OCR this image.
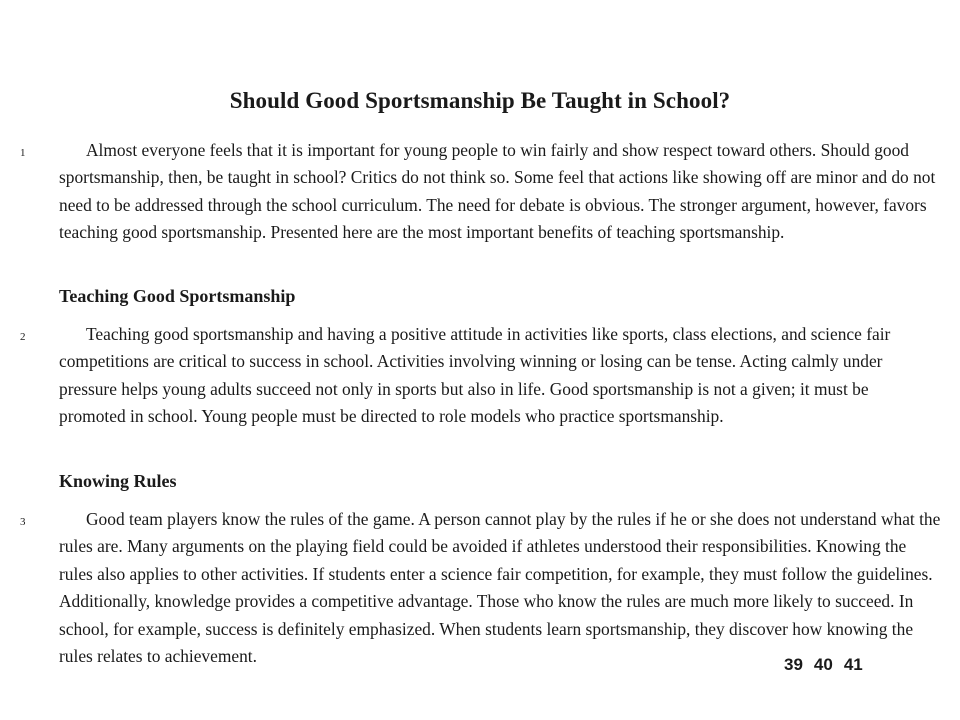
Should Good Sportsmanship Be Taught in School?
1	Almost everyone feels that it is important for young people to win fairly and show respect toward others. Should good sportsmanship, then, be taught in school? Critics do not think so. Some feel that actions like showing off are minor and do not need to be addressed through the school curriculum. The need for debate is obvious. The stronger argument, however, favors teaching good sportsmanship. Presented here are the most important benefits of teaching sportsmanship.

Teaching Good Sportsmanship
2	Teaching good sportsmanship and having a positive attitude in activities like sports, class elections, and science fair competitions are critical to success in school. Activities involving winning or losing can be tense. Acting calmly under pressure helps young adults succeed not only in sports but also in life. Good sportsmanship is not a given; it must be promoted in school. Young people must be directed to role models who practice sportsmanship.

Knowing Rules
3	Good team players know the rules of the game. A person cannot play by the rules if he or she does not understand what the rules are. Many arguments on the playing field could be avoided if athletes understood their responsibilities. Knowing the rules also applies to other activities. If students enter a science fair competition, for example, they must follow the guidelines. Additionally, knowledge provides a competitive advantage. Those who know the rules are much more likely to succeed. In school, for example, success is definitely emphasized. When students learn sportsmanship, they discover how knowing the rules relates to achievement.	39 40 41
